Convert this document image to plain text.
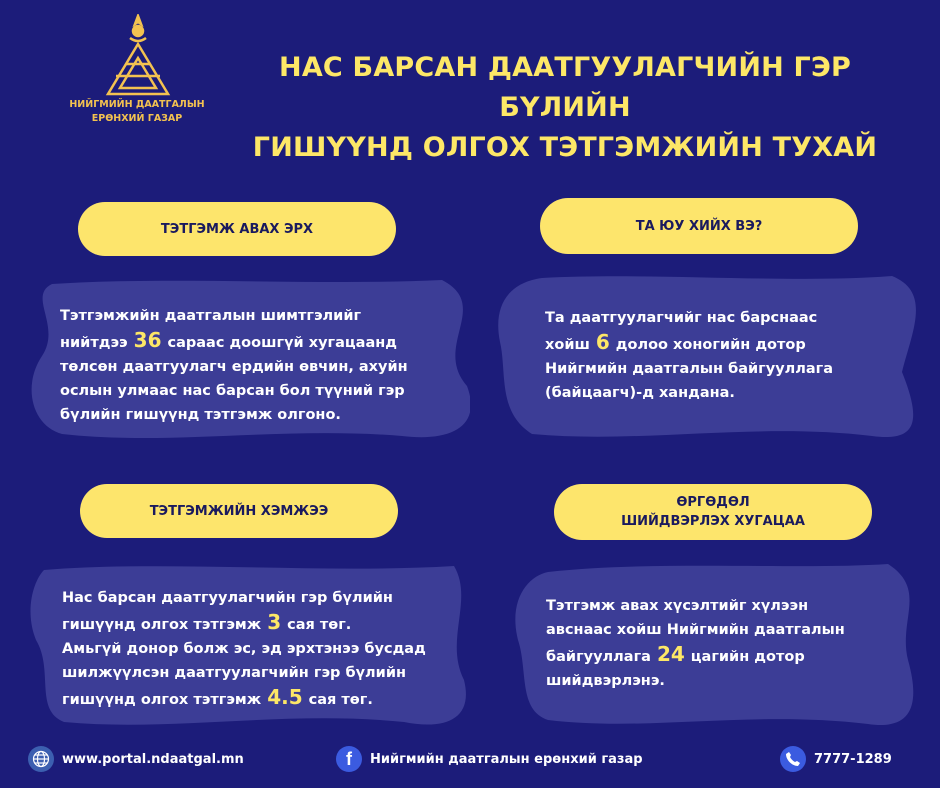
НИЙГМИЙН ДААТГАЛЫН
ЕРӨНХИЙ ГАЗАР
НАС БАРСАН ДААТГУУЛАГЧИЙН ГЭР БҮЛИЙН
ГИШҮҮНД ОЛГОХ ТЭТГЭМЖИЙН ТУХАЙ
ТЭТГЭМЖ АВАХ ЭРХ
Тэтгэмжийн даатгалын шимтгэлийг
нийтдээ 36 сараас доошгүй хугацаанд
төлсөн даатгуулагч ердийн өвчин, ахуйн
ослын улмаас нас барсан бол түүний гэр
бүлийн гишүүнд тэтгэмж олгоно.
ТА ЮУ ХИЙХ ВЭ?
Та даатгуулагчийг нас барснаас
хойш 6 долоо хоногийн дотор
Нийгмийн даатгалын байгууллага
(байцаагч)-д хандана.
ТЭТГЭМЖИЙН ХЭМЖЭЭ
Нас барсан даатгуулагчийн гэр бүлийн
гишүүнд олгох тэтгэмж 3 сая төг.
Амьгүй донор болж эс, эд эрхтэнээ бусдад
шилжүүлсэн даатгуулагчийн гэр бүлийн
гишүүнд олгох тэтгэмж 4.5 сая төг.
ӨРГӨДӨЛ
ШИЙДВЭРЛЭХ ХУГАЦАА
Тэтгэмж авах хүсэлтийг хүлээн
авснаас хойш Нийгмийн даатгалын
байгууллага 24 цагийн дотор
шийдвэрлэнэ.
www.portal.ndaatgal.mn	f	Нийгмийн даатгалын ерөнхий газар	7777-1289
